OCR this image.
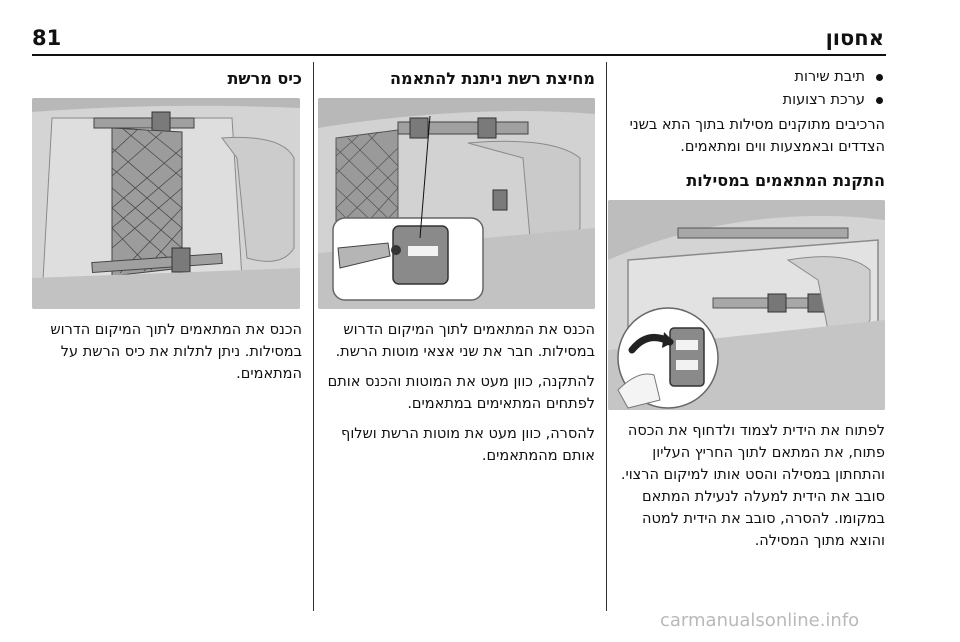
אחסון
81
תיבת שירות
ערכת רצועות

הרכיבים מתוקנים מסילות בתוך התא בשני הצדדים ובאמצעות ווים ומתאמים.

התקנת המתאמים במסילות

לפתוח את הידית לצמוד ולדחוף את הכסה פתוח, את המתאם לתוך החריץ העליון והתחתון במסילה והסט אותו למיקום הרצוי. סובב את הידית למעלה לנעילת המתאם במקומו. להסרה, סובב את הידית למטה והוצא מתוך המסילה.

מחיצת רשת ניתנת להתאמה

הכנס את המתאמים לתוך המיקום הדרוש במסילות. חבר את שני אצאי מוטות הרשת.

להתקנה, כוון מעט את המוטות והכנס אותם לפתחים המתאימים במתאמים.

להסרה, כוון מעט את מוטות הרשת ושלוף אותם מהמתאמים.

כיס מרשת

הכנס את המתאמים לתוך המיקום הדרוש במסילות. ניתן לתלות את כיס הרשת על המתאמים.

carmanualsonline.info
